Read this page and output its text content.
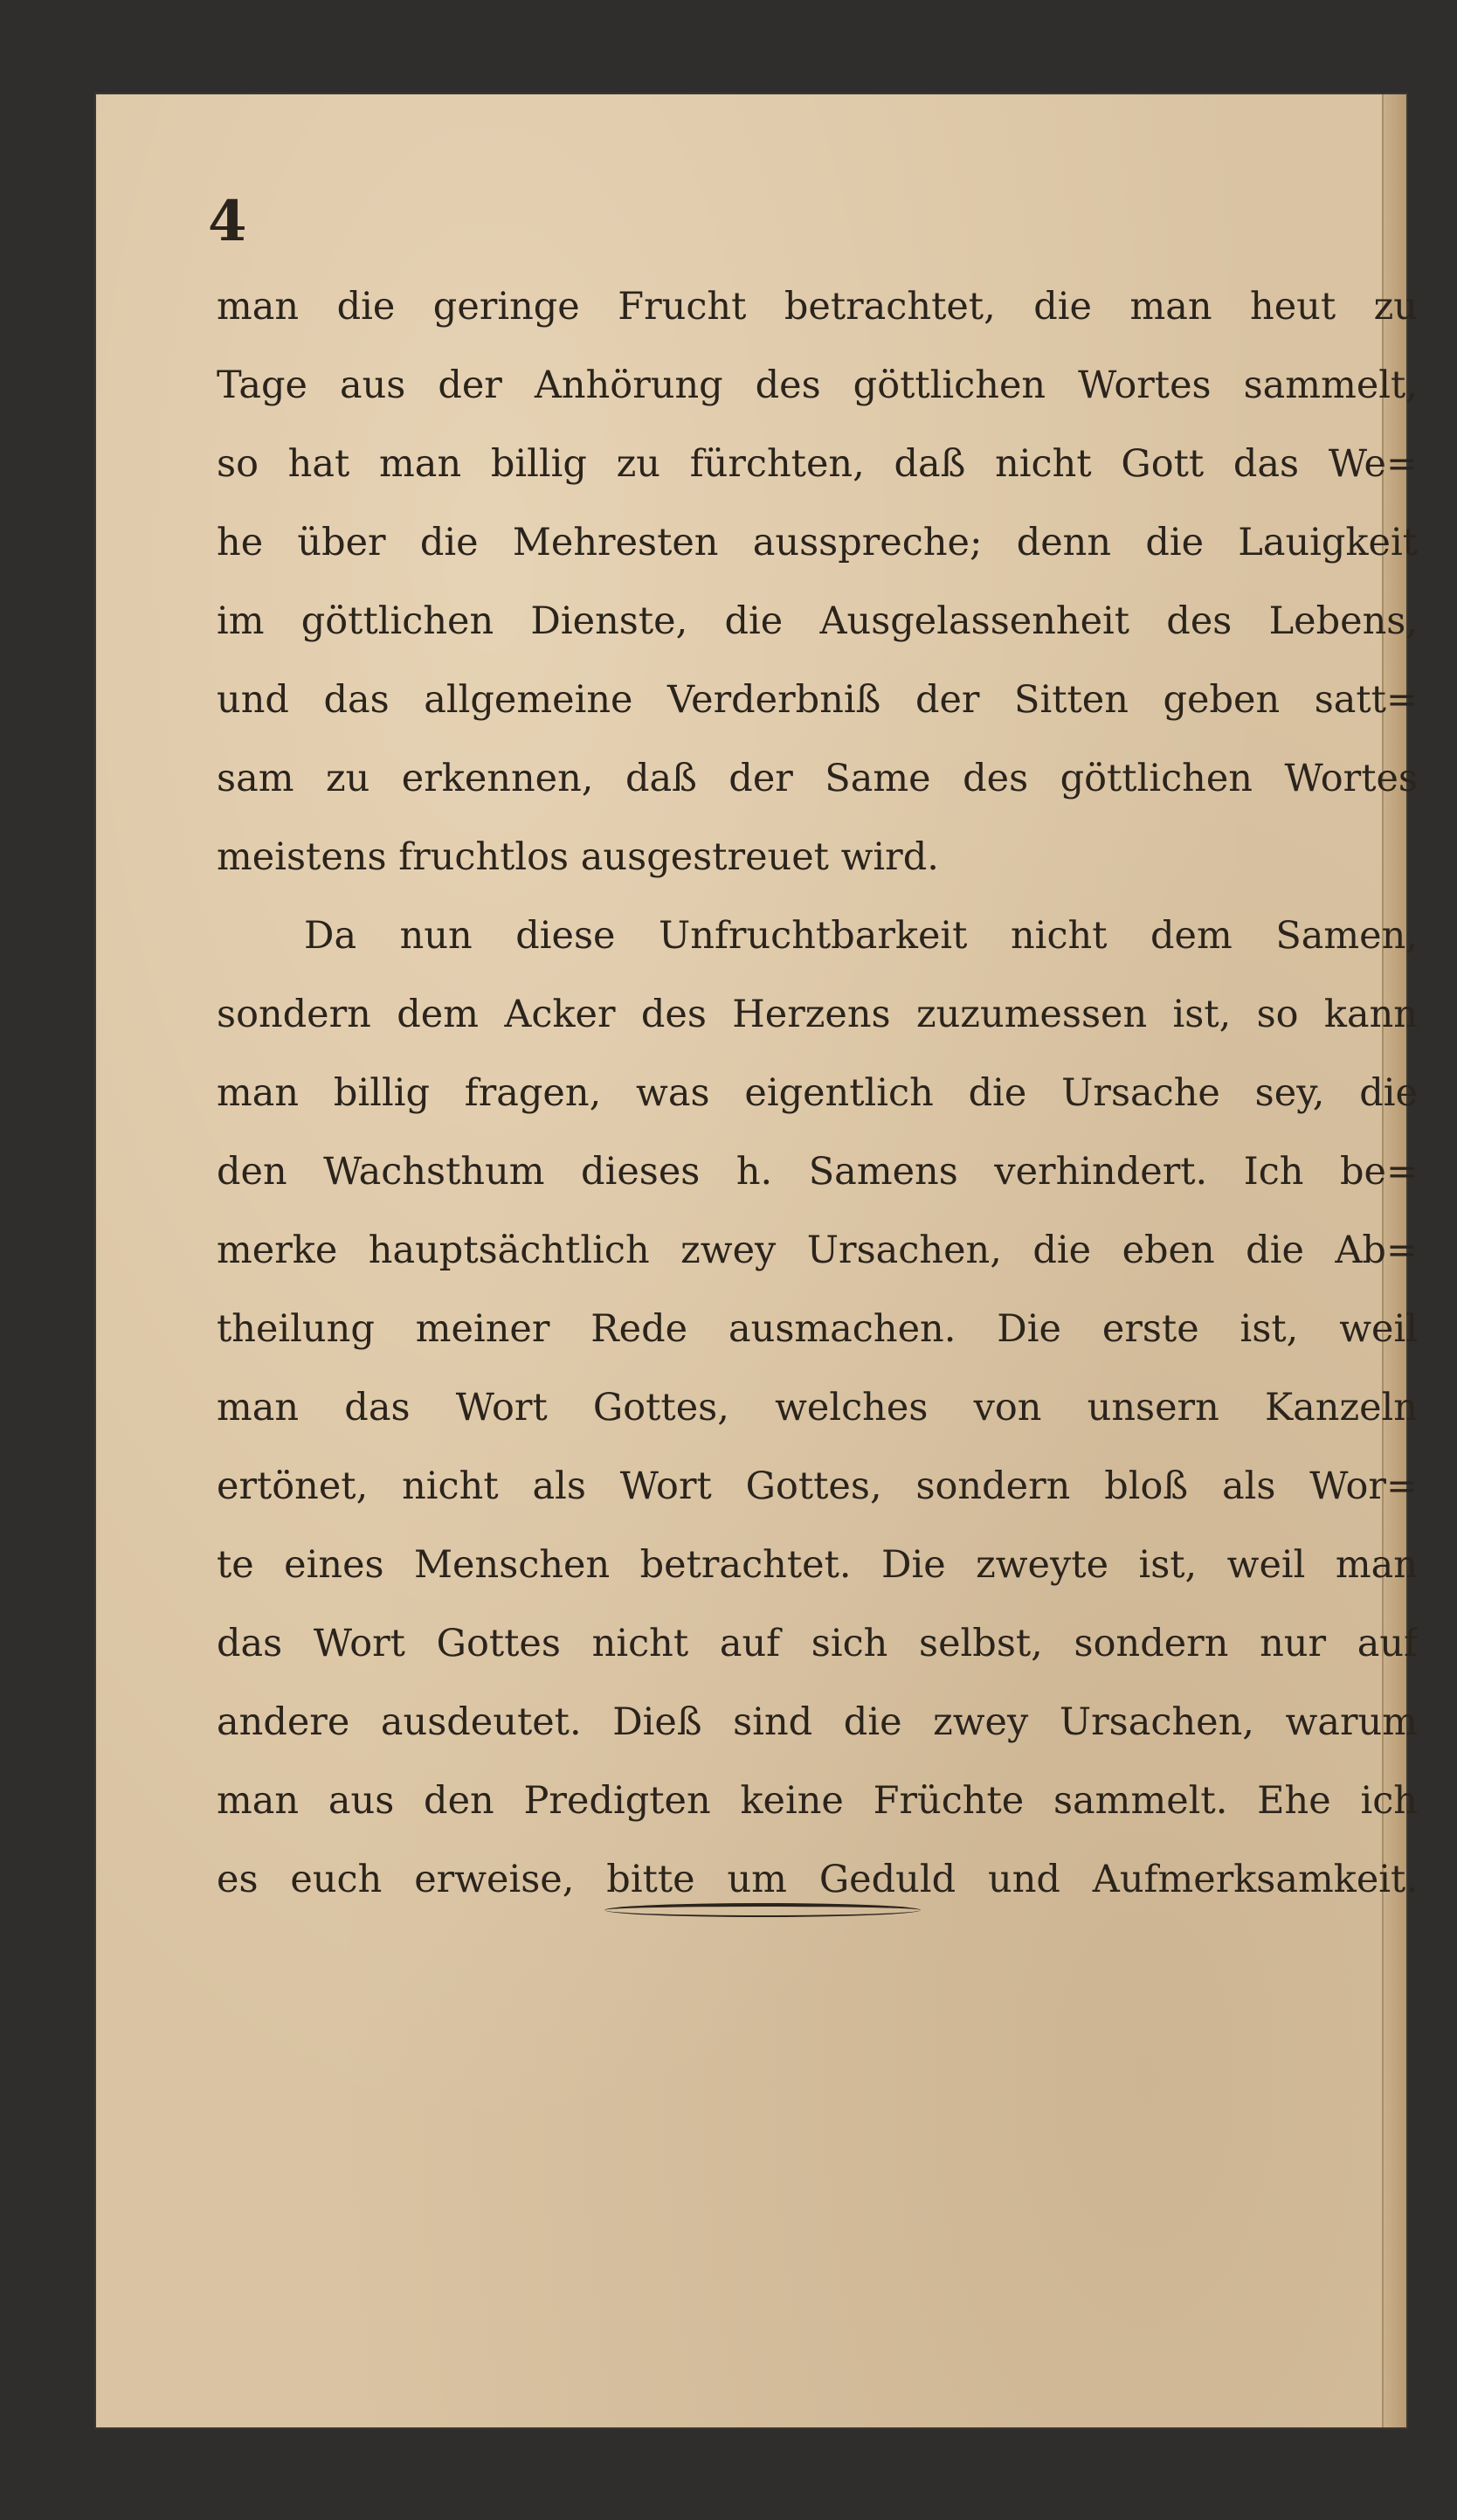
4
man die geringe Frucht betrachtet, die man heut zu
Tage aus der Anhörung des göttlichen Wortes sammelt,
so hat man billig zu fürchten, daß nicht Gott das We=
he über die Mehresten ausspreche; denn die Lauigkeit
im göttlichen Dienste, die Ausgelassenheit des Lebens,
und das allgemeine Verderbniß der Sitten geben satt=
sam zu erkennen, daß der Same des göttlichen Wortes
meistens fruchtlos ausgestreuet wird.
Da nun diese Unfruchtbarkeit nicht dem Samen,
sondern dem Acker des Herzens zuzumessen ist, so kann
man billig fragen, was eigentlich die Ursache sey, die
den Wachsthum dieses h. Samens verhindert. Ich be=
merke hauptsächtlich zwey Ursachen, die eben die Ab=
theilung meiner Rede ausmachen. Die erste ist, weil
man das Wort Gottes, welches von unsern Kanzeln
ertönet, nicht als Wort Gottes, sondern bloß als Wor=
te eines Menschen betrachtet. Die zweyte ist, weil man
das Wort Gottes nicht auf sich selbst, sondern nur auf
andere ausdeutet. Dieß sind die zwey Ursachen, warum
man aus den Predigten keine Früchte sammelt. Ehe ich
es euch erweise, bitte um Geduld und Aufmerksamkeit.
